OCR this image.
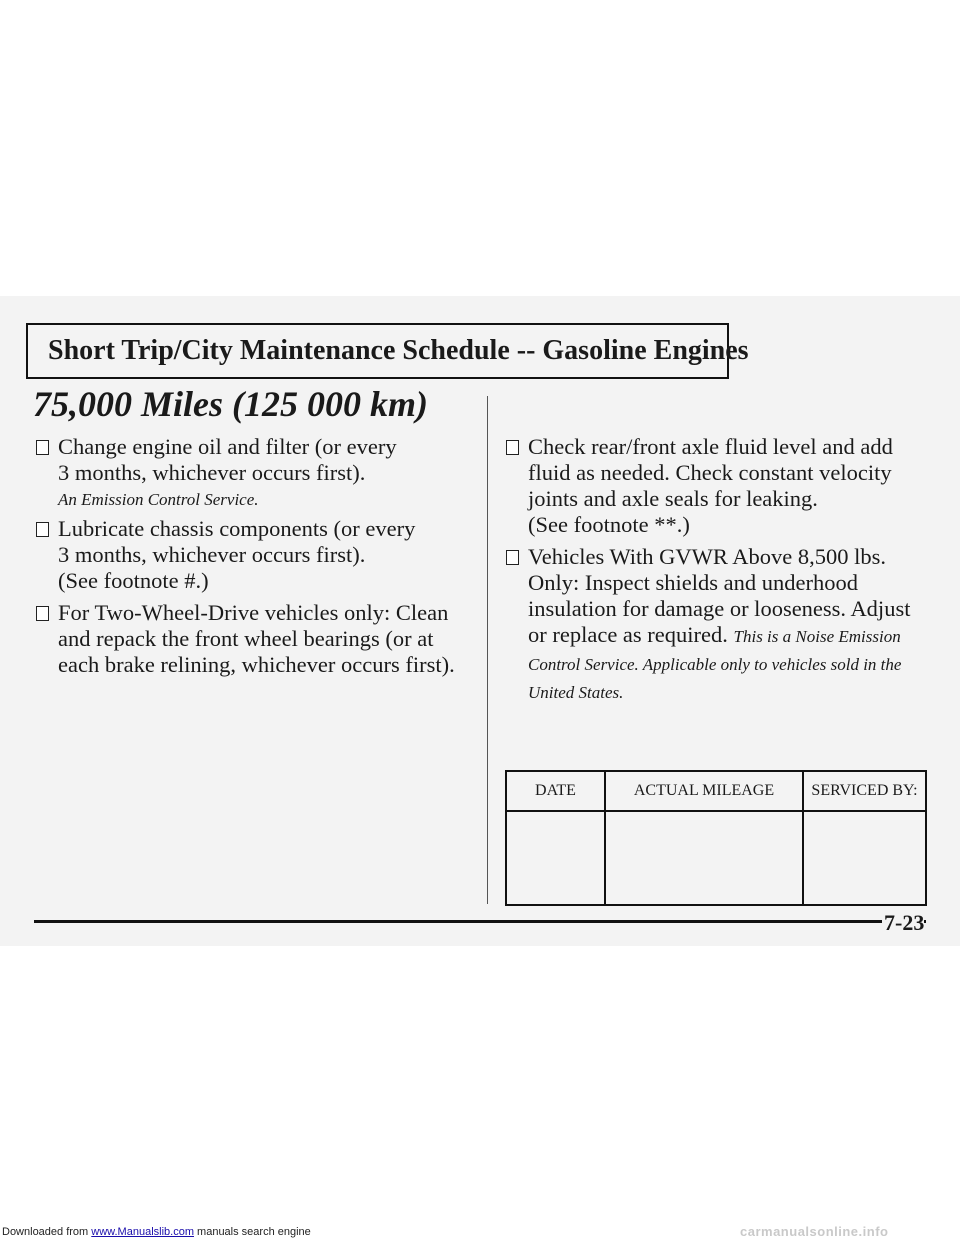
Short Trip/City Maintenance Schedule -- Gasoline Engines
75,000 Miles (125 000 km)
Change engine oil and filter (or every
3 months, whichever occurs first).
An Emission Control Service.
Lubricate chassis components (or every
3 months, whichever occurs first).
(See footnote #.)
For Two-Wheel-Drive vehicles only: Clean
and repack the front wheel bearings (or at
each brake relining, whichever occurs first).
Check rear/front axle fluid level and add
fluid as needed. Check constant velocity
joints and axle seals for leaking.
(See footnote **.)
Vehicles With GVWR Above 8,500 lbs.
Only: Inspect shields and underhood
insulation for damage or looseness. Adjust
or replace as required. This is a Noise Emission Control Service. Applicable only to vehicles sold in the United States.
DATE	ACTUAL MILEAGE	SERVICED BY:

7-23
Downloaded from www.Manualslib.com manuals search engine	carmanualsonline.info
